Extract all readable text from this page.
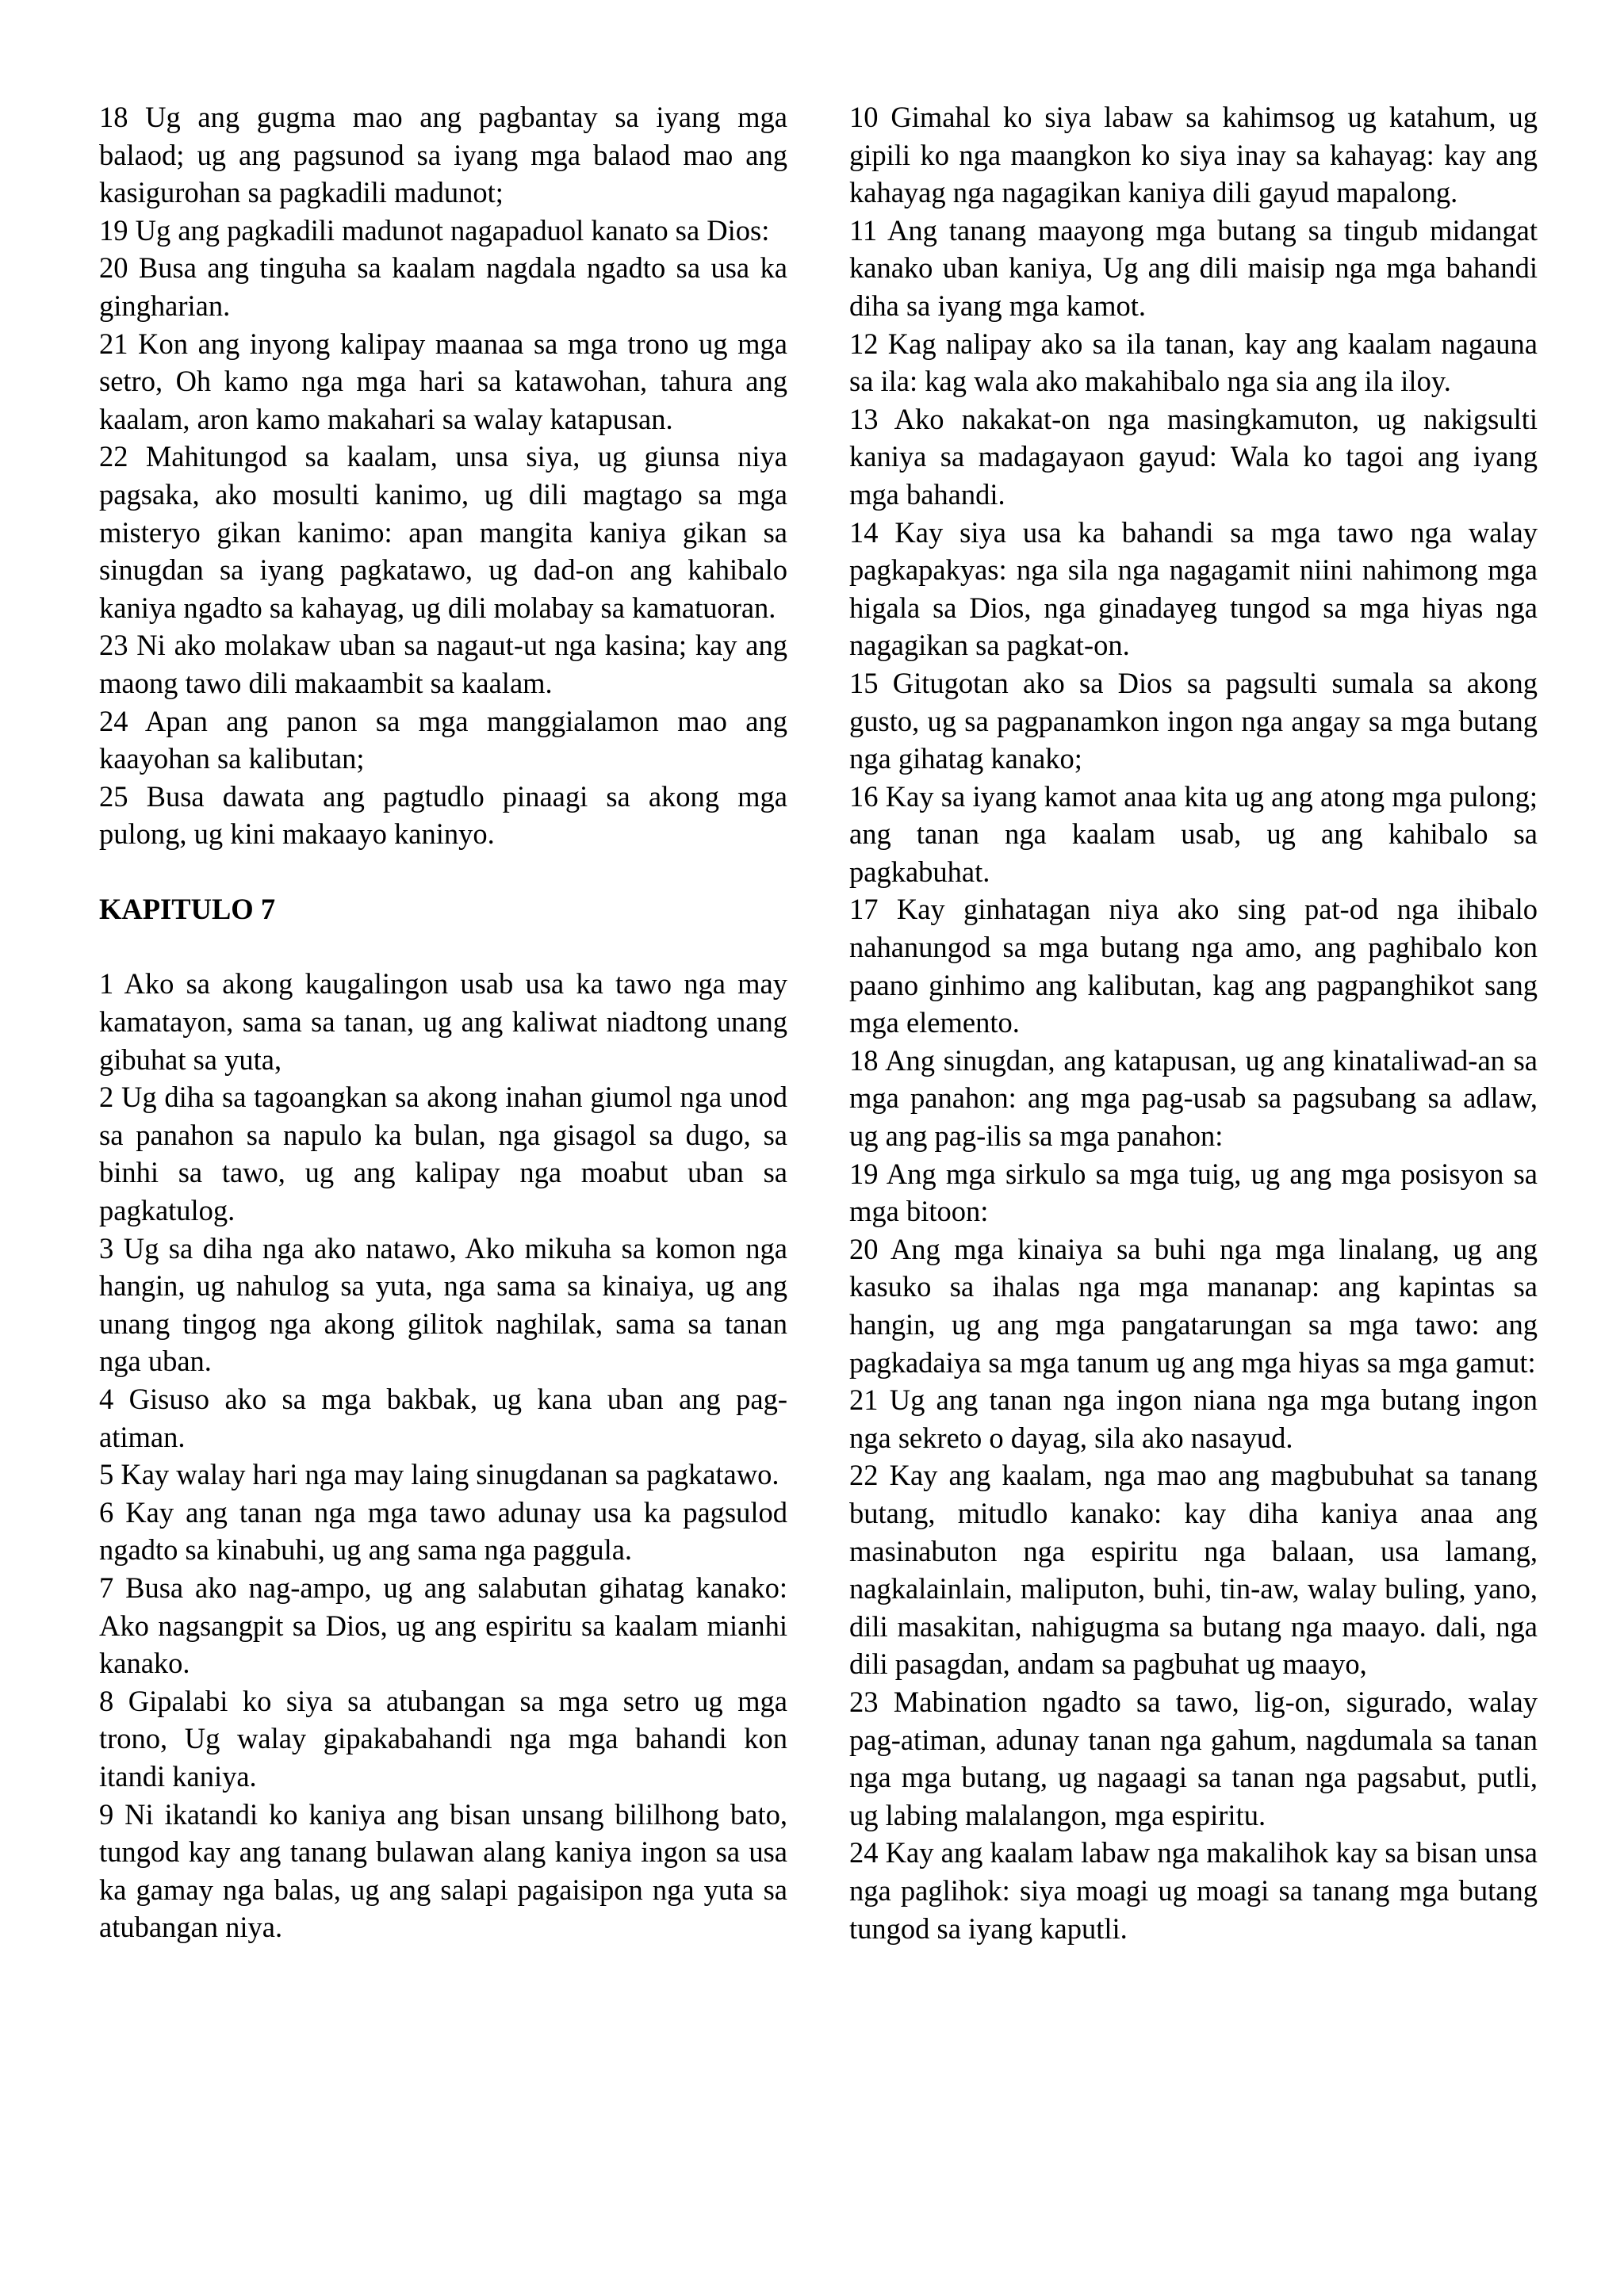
18 Ug ang gugma mao ang pagbantay sa iyang mga balaod; ug ang pagsunod sa iyang mga balaod mao ang kasigurohan sa pagkadili madunot;

19 Ug ang pagkadili madunot nagapaduol kanato sa Dios:

20 Busa ang tinguha sa kaalam nagdala ngadto sa usa ka gingharian.

21 Kon ang inyong kalipay maanaa sa mga trono ug mga setro, Oh kamo nga mga hari sa katawohan, tahura ang kaalam, aron kamo makahari sa walay katapusan.

22 Mahitungod sa kaalam, unsa siya, ug giunsa niya pagsaka, ako mosulti kanimo, ug dili magtago sa mga misteryo gikan kanimo: apan mangita kaniya gikan sa sinugdan sa iyang pagkatawo, ug dad-on ang kahibalo kaniya ngadto sa kahayag, ug dili molabay sa kamatuoran.

23 Ni ako molakaw uban sa nagaut-ut nga kasina; kay ang maong tawo dili makaambit sa kaalam.

24 Apan ang panon sa mga manggialamon mao ang kaayohan sa kalibutan;

25 Busa dawata ang pagtudlo pinaagi sa akong mga pulong, ug kini makaayo kaninyo.

KAPITULO 7

1 Ako sa akong kaugalingon usab usa ka tawo nga may kamatayon, sama sa tanan, ug ang kaliwat niadtong unang gibuhat sa yuta,

2 Ug diha sa tagoangkan sa akong inahan giumol nga unod sa panahon sa napulo ka bulan, nga gisagol sa dugo, sa binhi sa tawo, ug ang kalipay nga moabut uban sa pagkatulog.

3 Ug sa diha nga ako natawo, Ako mikuha sa komon nga hangin, ug nahulog sa yuta, nga sama sa kinaiya, ug ang unang tingog nga akong gilitok naghilak, sama sa tanan nga uban.

4 Gisuso ako sa mga bakbak, ug kana uban ang pag-atiman.

5 Kay walay hari nga may laing sinugdanan sa pagkatawo.

6 Kay ang tanan nga mga tawo adunay usa ka pagsulod ngadto sa kinabuhi, ug ang sama nga paggula.

7 Busa ako nag-ampo, ug ang salabutan gihatag kanako: Ako nagsangpit sa Dios, ug ang espiritu sa kaalam mianhi kanako.

8 Gipalabi ko siya sa atubangan sa mga setro ug mga trono, Ug walay gipakabahandi nga mga bahandi kon itandi kaniya.

9 Ni ikatandi ko kaniya ang bisan unsang bililhong bato, tungod kay ang tanang bulawan alang kaniya ingon sa usa ka gamay nga balas, ug ang salapi pagaisipon nga yuta sa atubangan niya.

10 Gimahal ko siya labaw sa kahimsog ug katahum, ug gipili ko nga maangkon ko siya inay sa kahayag: kay ang kahayag nga nagagikan kaniya dili gayud mapalong.

11 Ang tanang maayong mga butang sa tingub midangat kanako uban kaniya, Ug ang dili maisip nga mga bahandi diha sa iyang mga kamot.

12 Kag nalipay ako sa ila tanan, kay ang kaalam nagauna sa ila: kag wala ako makahibalo nga sia ang ila iloy.

13 Ako nakakat-on nga masingkamuton, ug nakigsulti kaniya sa madagayaon gayud: Wala ko tagoi ang iyang mga bahandi.

14 Kay siya usa ka bahandi sa mga tawo nga walay pagkapakyas: nga sila nga nagagamit niini nahimong mga higala sa Dios, nga ginadayeg tungod sa mga hiyas nga nagagikan sa pagkat-on.

15 Gitugotan ako sa Dios sa pagsulti sumala sa akong gusto, ug sa pagpanamkon ingon nga angay sa mga butang nga gihatag kanako;

16 Kay sa iyang kamot anaa kita ug ang atong mga pulong; ang tanan nga kaalam usab, ug ang kahibalo sa pagkabuhat.

17 Kay ginhatagan niya ako sing pat-od nga ihibalo nahanungod sa mga butang nga amo, ang paghibalo kon paano ginhimo ang kalibutan, kag ang pagpanghikot sang mga elemento.

18 Ang sinugdan, ang katapusan, ug ang kinataliwad-an sa mga panahon: ang mga pag-usab sa pagsubang sa adlaw, ug ang pag-ilis sa mga panahon:

19 Ang mga sirkulo sa mga tuig, ug ang mga posisyon sa mga bitoon:

20 Ang mga kinaiya sa buhi nga mga linalang, ug ang kasuko sa ihalas nga mga mananap: ang kapintas sa hangin, ug ang mga pangatarungan sa mga tawo: ang pagkadaiya sa mga tanum ug ang mga hiyas sa mga gamut:

21 Ug ang tanan nga ingon niana nga mga butang ingon nga sekreto o dayag, sila ako nasayud.

22 Kay ang kaalam, nga mao ang magbubuhat sa tanang butang, mitudlo kanako: kay diha kaniya anaa ang masinabuton nga espiritu nga balaan, usa lamang, nagkalainlain, maliputon, buhi, tin-aw, walay buling, yano, dili masakitan, nahigugma sa butang nga maayo. dali, nga dili pasagdan, andam sa pagbuhat ug maayo,

23 Mabination ngadto sa tawo, lig-on, sigurado, walay pag-atiman, adunay tanan nga gahum, nagdumala sa tanan nga mga butang, ug nagaagi sa tanan nga pagsabut, putli, ug labing malalangon, mga espiritu.

24 Kay ang kaalam labaw nga makalihok kay sa bisan unsa nga paglihok: siya moagi ug moagi sa tanang mga butang tungod sa iyang kaputli.
